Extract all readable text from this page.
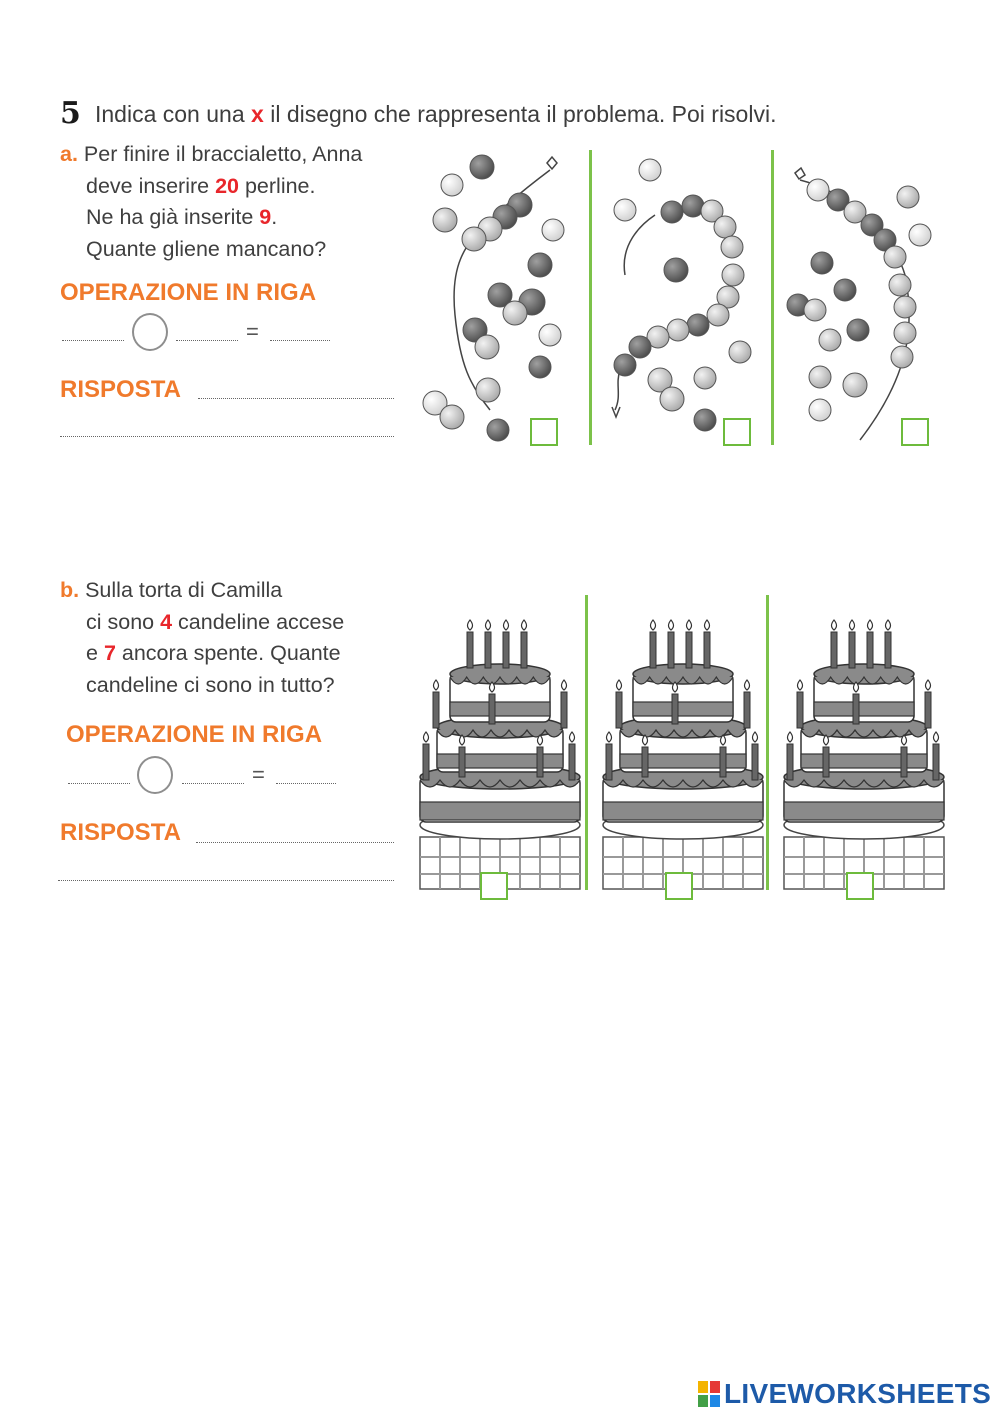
5 Indica con una x il disegno che rappresenta il problema. Poi risolvi.
a. Per finire il braccialetto, Anna
deve inserire 20 perline.
Ne ha già inserite 9.
Quante gliene mancano?
OPERAZIONE IN RIGA
=
RISPOSTA
b. Sulla torta di Camilla
ci sono 4 candeline accese
e 7 ancora spente. Quante
candeline ci sono in tutto?
OPERAZIONE IN RIGA
=
RISPOSTA
LIVEWORKSHEETS
